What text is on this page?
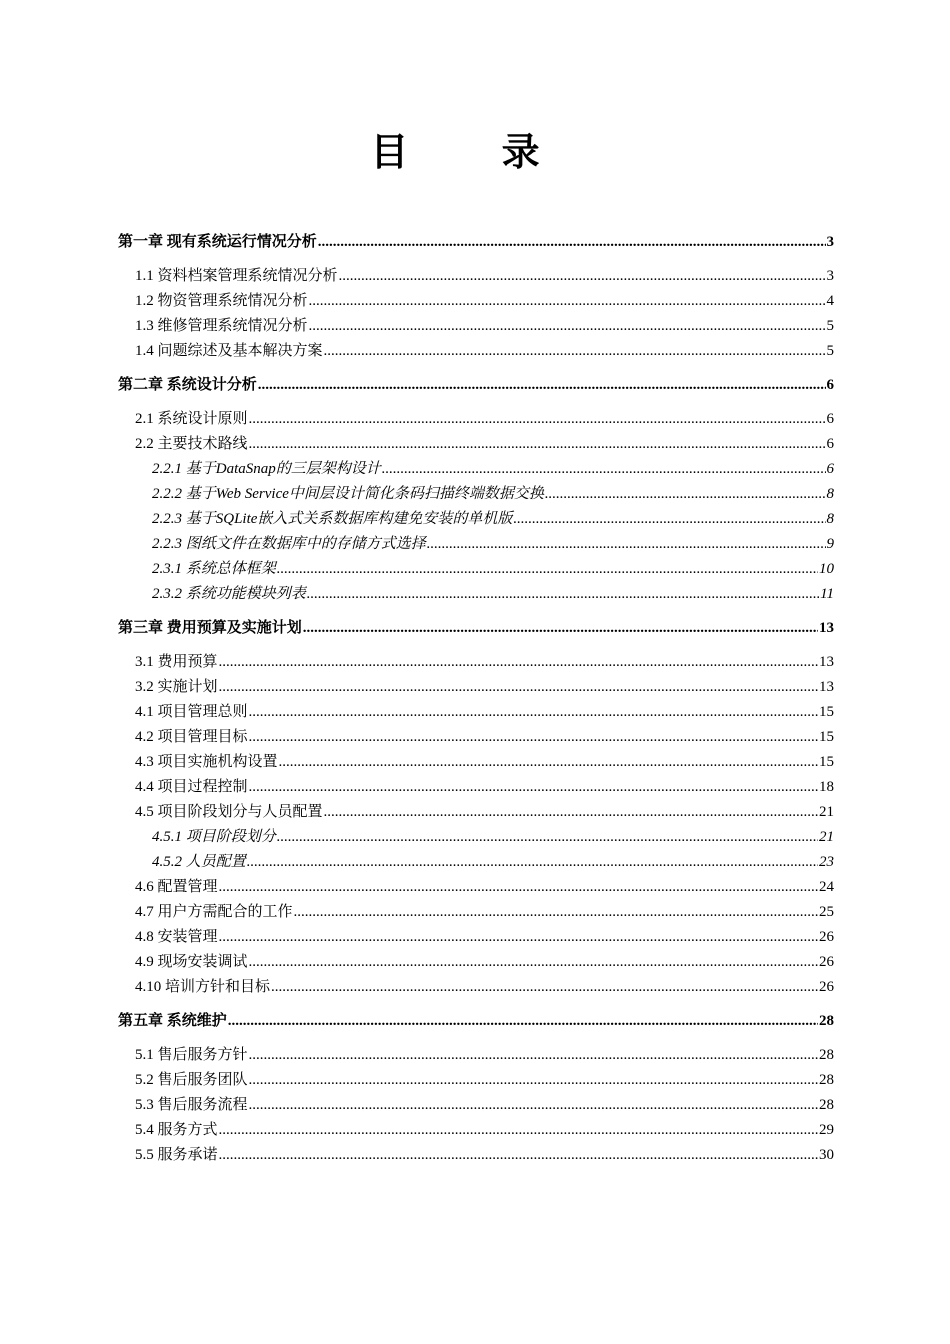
目 录
第一章 现有系统运行情况分析 .....	3
1.1 资料档案管理系统情况分析 .....	3
1.2 物资管理系统情况分析 .....	4
1.3 维修管理系统情况分析 .....	5
1.4 问题综述及基本解决方案 .....	5
第二章 系统设计分析 .....	6
2.1 系统设计原则 .....	6
2.2 主要技术路线 .....	6
2.2.1 基于DataSnap的三层架构设计 .....	6
2.2.2 基于Web Service中间层设计简化条码扫描终端数据交换 .....	8
2.2.3 基于SQLite嵌入式关系数据库构建免安装的单机版 .....	8
2.2.3 图纸文件在数据库中的存储方式选择 .....	9
2.3.1 系统总体框架 .....	10
2.3.2 系统功能模块列表 .....	11
第三章 费用预算及实施计划 .....	13
3.1 费用预算 .....	13
3.2 实施计划 .....	13
4.1 项目管理总则 .....	15
4.2 项目管理目标 .....	15
4.3 项目实施机构设置 .....	15
4.4 项目过程控制 .....	18
4.5 项目阶段划分与人员配置 .....	21
4.5.1 项目阶段划分 .....	21
4.5.2 人员配置 .....	23
4.6 配置管理 .....	24
4.7 用户方需配合的工作 .....	25
4.8 安装管理 .....	26
4.9 现场安装调试 .....	26
4.10 培训方针和目标 .....	26
第五章 系统维护 .....	28
5.1 售后服务方针 .....	28
5.2 售后服务团队 .....	28
5.3 售后服务流程 .....	28
5.4 服务方式 .....	29
5.5 服务承诺 .....	30
